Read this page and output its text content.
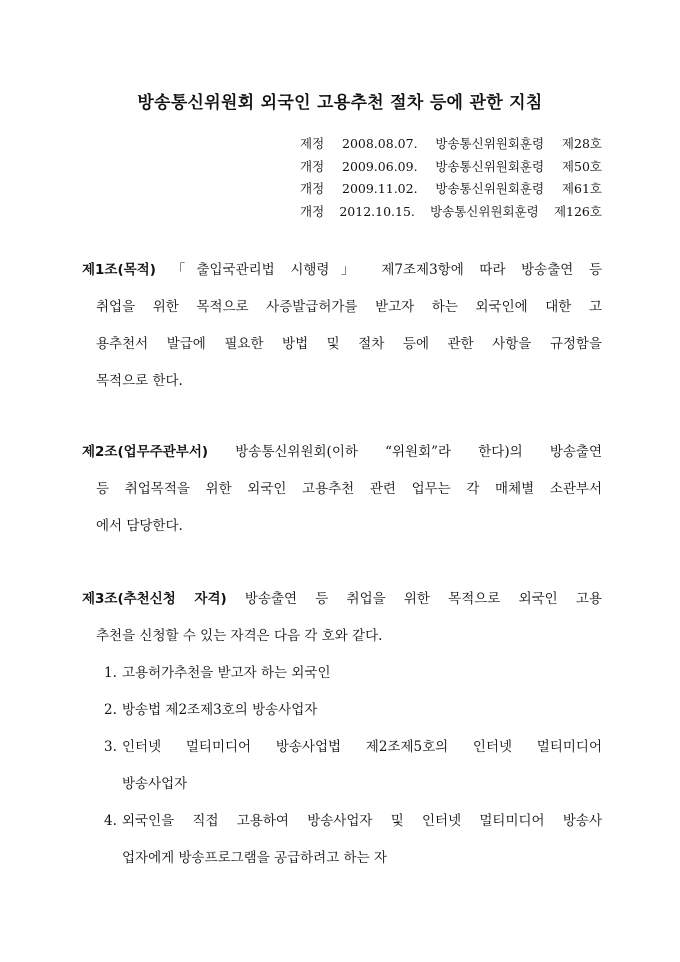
방송통신위원회 외국인 고용추천 절차 등에 관한 지침
제정 2008.08.07. 방송통신위원회훈령 제28호
개정 2009.06.09. 방송통신위원회훈령 제50호
개정 2009.11.02. 방송통신위원회훈령 제61호
개정 2012.10.15. 방송통신위원회훈령 제126호
제1조(목적) 「출입국관리법 시행령」 제7조제3항에 따라 방송출연 등
취업을 위한 목적으로 사증발급허가를 받고자 하는 외국인에 대한 고
용추천서 발급에 필요한 방법 및 절차 등에 관한 사항을 규정함을
목적으로 한다.
제2조(업무주관부서) 방송통신위원회(이하 “위원회”라 한다)의 방송출연
등 취업목적을 위한 외국인 고용추천 관련 업무는 각 매체별 소관부서
에서 담당한다.
제3조(추천신청 자격) 방송출연 등 취업을 위한 목적으로 외국인 고용
추천을 신청할 수 있는 자격은 다음 각 호와 같다.
1. 고용허가추천을 받고자 하는 외국인
2. 방송법 제2조제3호의 방송사업자
3. 인터넷 멀티미디어 방송사업법 제2조제5호의 인터넷 멀티미디어
방송사업자
4. 외국인을 직접 고용하여 방송사업자 및 인터넷 멀티미디어 방송사
업자에게 방송프로그램을 공급하려고 하는 자
